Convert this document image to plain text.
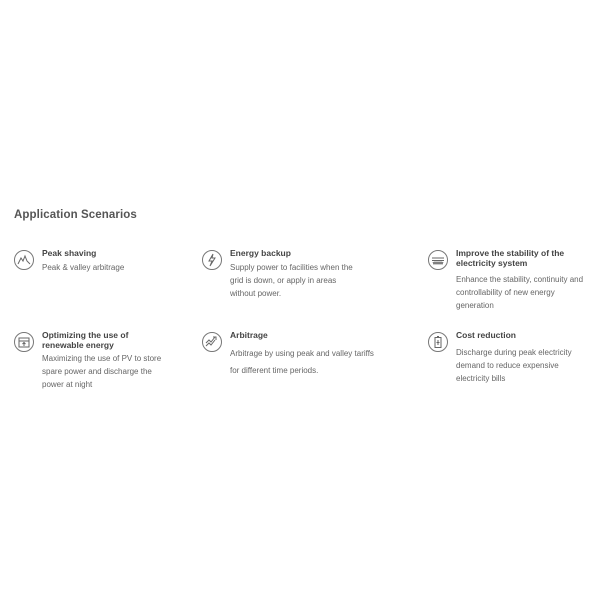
Application Scenarios
Peak shaving
Peak & valley arbitrage
Energy backup
Supply power to facilities when the grid is down, or apply in areas without power.
Improve the stability of the electricity system
Enhance the stability, continuity and controllability of new energy generation
Optimizing the use of renewable energy
Maximizing the use of PV to store spare power and discharge the power at night
Arbitrage
Arbitrage by using peak and valley tariffs for different time periods.
Cost reduction
Discharge during peak electricity demand to reduce expensive electricity bills
